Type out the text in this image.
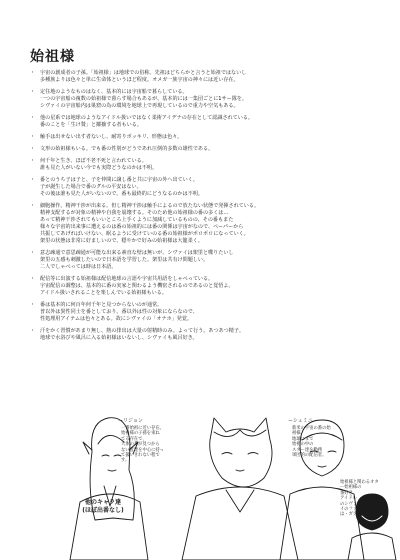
始祖様

・ 宇宙の創成者の子孫。「始祖様」は地球での俗称。先祖はどちらかと言うと始祖ではないし
多種族よりは色々と単に生命体というほど程度。オメガ一族宇宙の神々には近い存在。

・ 定住地のようなものはなく、基本的には宇宙船で暮らしている。
一つの宇宙船の複数の始祖様で暮らす場合もあるが、基本的には一集団ごとに1サー隊を。
シヴァイの宇宙船内は巣窟の為の環境を地球上で再現しているので重力や空気もある。

・ 他の星系では地球のようなアイドル扱いではなく柔術アイデナの存在として認識されている。
番のことを「生け贄」と揶揄する者もいる。

・ 触手は出せない出す者ないし、耐寄りボッキリ、形態は色々。

・ 文形の始祖様もいる。でも番の性別がどうであれ圧倒的多数の雄性である。

・ 何千年と生き、ほぼ不老不死と言われている。
誰も見た人がいない今でも実際どうなのかは不明。

・ 番とのうち子は子と、子を仲間に譲し番と共に宇宙の外へ出ていく。
子が誕生した場合で番のグルの平安はない。
その後は誰も見た人がいないので、番も最終的にどうなるのかは不明。

・ 細胞操作。精神干渉が出来る。但し精神干渉は触手によるので放たない状態で発揮されている。
精神支配するが対象の精神や自我を崩壊する。そのため他の始祖様の番の多くは…
あって精神干渉されてもいいところ上手くように加減しているものの、その番もまた
様々な宇宙的出来事に遭えるのは番の始祖的には番の関係は宇宙がなので、ペーパーから
共振してあげればいけない、眠るように受けていのる番の始祖様がポロポロになっていく。
架里の状態は非常に好ましいので、穏やかで好みの始祖様は大籠柔く。

・ 意志疎通で意思疎通が可能な出来る素直な壁は無いが、シヴァイは架里と喋りたいし
架里の五感も刺激したいので日本語を学習した。架里は共有け問題しい。
二人でしゃべっては時は日本語。

・ 配信等に出演する始祖様は配信地球の言語や宇宙共用語をしゃべっている。
宇宙配信の調整は、基本的に番の実家と関わるよう機密されるのであるのと覚悟よ。
アイドル扱いされることを楽しんでいる始祖様もいる。

・ 番は基本的に何百年何千年と見つからないのが通常。
普以外は異性同士を番としており、番以外は性の対象にならなので、
性処理用アイテムは色々とある。故にシヴァイの「オナホ」発覚。

・ 汗をかく習慣があまり無し、熱の排出は大量の射精時のみ。よって行う。あつあつ精子。
地球で水浴びや風呂に入る始祖様はいないし、シヴァイも風呂好き。

ーリジョン
一番始祖に近い存在。
始祖様の子孫を束ね
てる存在で、
大体の番が見つから
ない者達を中心に持っ
て扱いきれない程で
す。
ーシュミニ
新米の宇宙の番の始
祖様。
地球にまで
始祖の中の
スター達を勤務
軍団的の配信者。
始祖様と関わるオタ
ー始祖様の
番好き
アイドル
のシヴァ
イのファン
は・ガア
他のキャラ達
(ほぼ出番なし)
